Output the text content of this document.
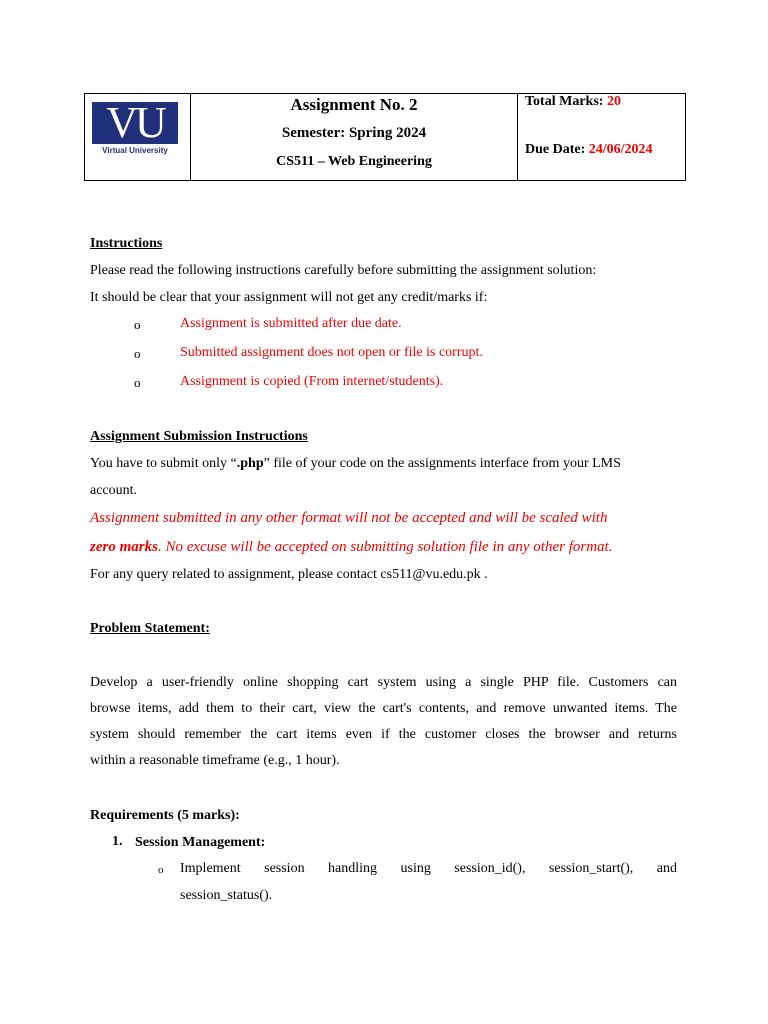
VU
Virtual University
Assignment No. 2
Semester: Spring 2024
CS511 – Web Engineering
Total Marks: 20
Due Date: 24/06/2024
Instructions
Please read the following instructions carefully before submitting the assignment solution:
It should be clear that your assignment will not get any credit/marks if:
o	Assignment is submitted after due date.
o	Submitted assignment does not open or file is corrupt.
o	Assignment is copied (From internet/students).
Assignment Submission Instructions
You have to submit only “.php” file of your code on the assignments interface from your LMS
account.
Assignment submitted in any other format will not be accepted and will be scaled with
zero marks. No excuse will be accepted on submitting solution file in any other format.
For any query related to assignment, please contact cs511@vu.edu.pk .
Problem Statement:
Develop a user-friendly online shopping cart system using a single PHP file. Customers can
browse items, add them to their cart, view the cart's contents, and remove unwanted items. The
system should remember the cart items even if the customer closes the browser and returns
within a reasonable timeframe (e.g., 1 hour).
Requirements (5 marks):
1. Session Management:
o Implement session handling using session_id(), session_start(), and
session_status().
